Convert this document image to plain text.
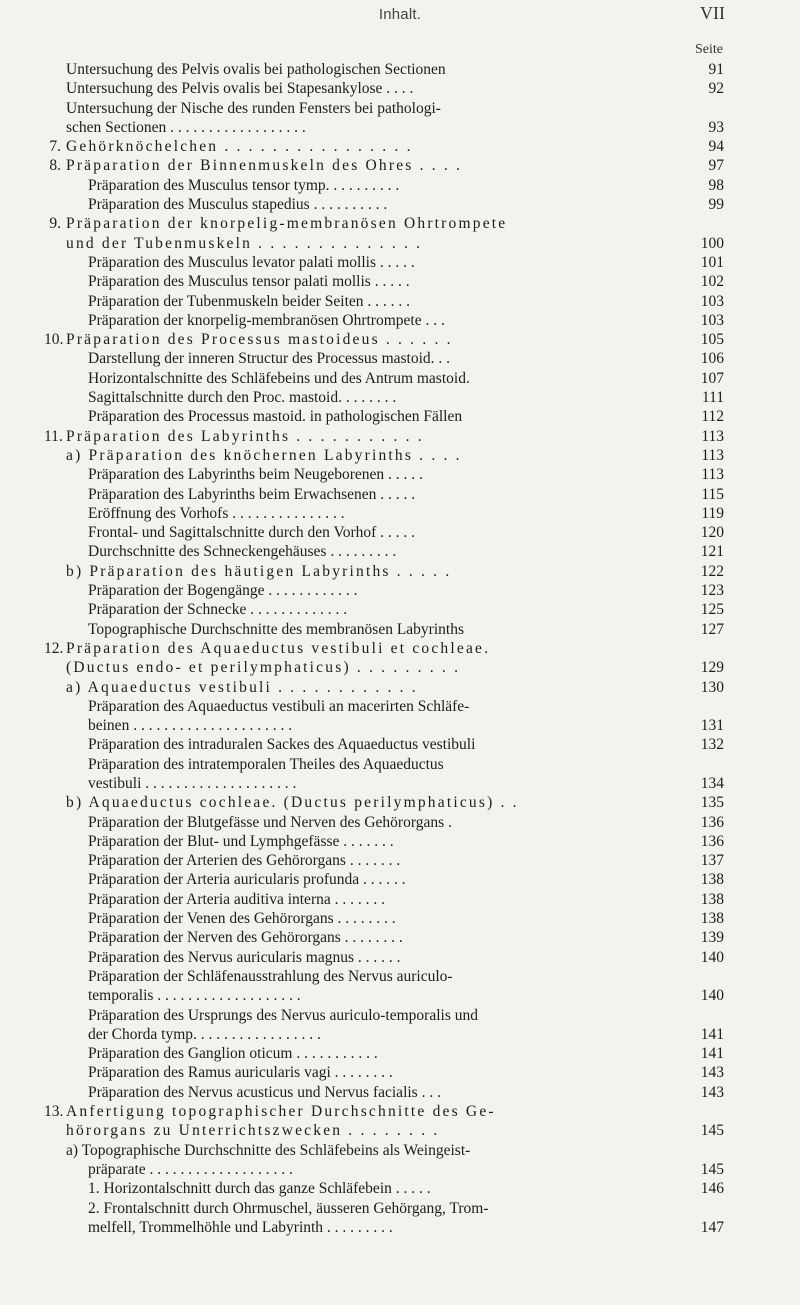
Inhalt.	VII
Seite
Untersuchung des Pelvis ovalis bei pathologischen Sectionen	91
Untersuchung des Pelvis ovalis bei Stapesankylose . . . .	92
Untersuchung der Nische des runden Fensters bei pathologi-
schen Sectionen . . . . . . . . . . . . . . . . . .	93
7. Gehörknöchelchen . . . . . . . . . . . . . . . .	94
8. Präparation der Binnenmuskeln des Ohres . . . .	97
Präparation des Musculus tensor tymp. . . . . . . . . .	98
Präparation des Musculus stapedius . . . . . . . . . .	99
9. Präparation der knorpelig-membranösen Ohrtrompete
und der Tubenmuskeln . . . . . . . . . . . . . .	100
Präparation des Musculus levator palati mollis . . . . .	101
Präparation des Musculus tensor palati mollis . . . . .	102
Präparation der Tubenmuskeln beider Seiten . . . . . .	103
Präparation der knorpelig-membranösen Ohrtrompete . . .	103
10. Präparation des Processus mastoideus . . . . . .	105
Darstellung der inneren Structur des Processus mastoid. . .	106
Horizontalschnitte des Schläfebeins und des Antrum mastoid.	107
Sagittalschnitte durch den Proc. mastoid. . . . . . . .	111
Präparation des Processus mastoid. in pathologischen Fällen	112
11. Präparation des Labyrinths . . . . . . . . . . .	113
a) Präparation des knöchernen Labyrinths . . . .	113
Präparation des Labyrinths beim Neugeborenen . . . . .	113
Präparation des Labyrinths beim Erwachsenen . . . . .	115
Eröffnung des Vorhofs . . . . . . . . . . . . . . .	119
Frontal- und Sagittalschnitte durch den Vorhof . . . . .	120
Durchschnitte des Schneckengehäuses . . . . . . . . .	121
b) Präparation des häutigen Labyrinths . . . . .	122
Präparation der Bogengänge . . . . . . . . . . . .	123
Präparation der Schnecke . . . . . . . . . . . . .	125
Topographische Durchschnitte des membranösen Labyrinths	127
12. Präparation des Aquaeductus vestibuli et cochleae.
(Ductus endo- et perilymphaticus) . . . . . . . . .	129
a) Aquaeductus vestibuli . . . . . . . . . . . .	130
Präparation des Aquaeductus vestibuli an macerirten Schläfe-
beinen . . . . . . . . . . . . . . . . . . . . .	131
Präparation des intraduralen Sackes des Aquaeductus vestibuli	132
Präparation des intratemporalen Theiles des Aquaeductus
vestibuli . . . . . . . . . . . . . . . . . . . .	134
b) Aquaeductus cochleae. (Ductus perilymphaticus) . .	135
Präparation der Blutgefässe und Nerven des Gehörorgans .	136
Präparation der Blut- und Lymphgefässe . . . . . . .	136
Präparation der Arterien des Gehörorgans . . . . . . .	137
Präparation der Arteria auricularis profunda . . . . . .	138
Präparation der Arteria auditiva interna . . . . . . .	138
Präparation der Venen des Gehörorgans . . . . . . . .	138
Präparation der Nerven des Gehörorgans . . . . . . . .	139
Präparation des Nervus auricularis magnus . . . . . .	140
Präparation der Schläfenausstrahlung des Nervus auriculo-
temporalis . . . . . . . . . . . . . . . . . . .	140
Präparation des Ursprungs des Nervus auriculo-temporalis und
der Chorda tymp. . . . . . . . . . . . . . . . .	141
Präparation des Ganglion oticum . . . . . . . . . . .	141
Präparation des Ramus auricularis vagi . . . . . . . .	143
Präparation des Nervus acusticus und Nervus facialis . . .	143
13. Anfertigung topographischer Durchschnitte des Ge-
hörorgans zu Unterrichtszwecken . . . . . . . .	145
a) Topographische Durchschnitte des Schläfebeins als Weingeist-
präparate . . . . . . . . . . . . . . . . . . .	145
1. Horizontalschnitt durch das ganze Schläfebein . . . . .	146
2. Frontalschnitt durch Ohrmuschel, äusseren Gehörgang, Trom-
melfell, Trommelhöhle und Labyrinth . . . . . . . . .	147
